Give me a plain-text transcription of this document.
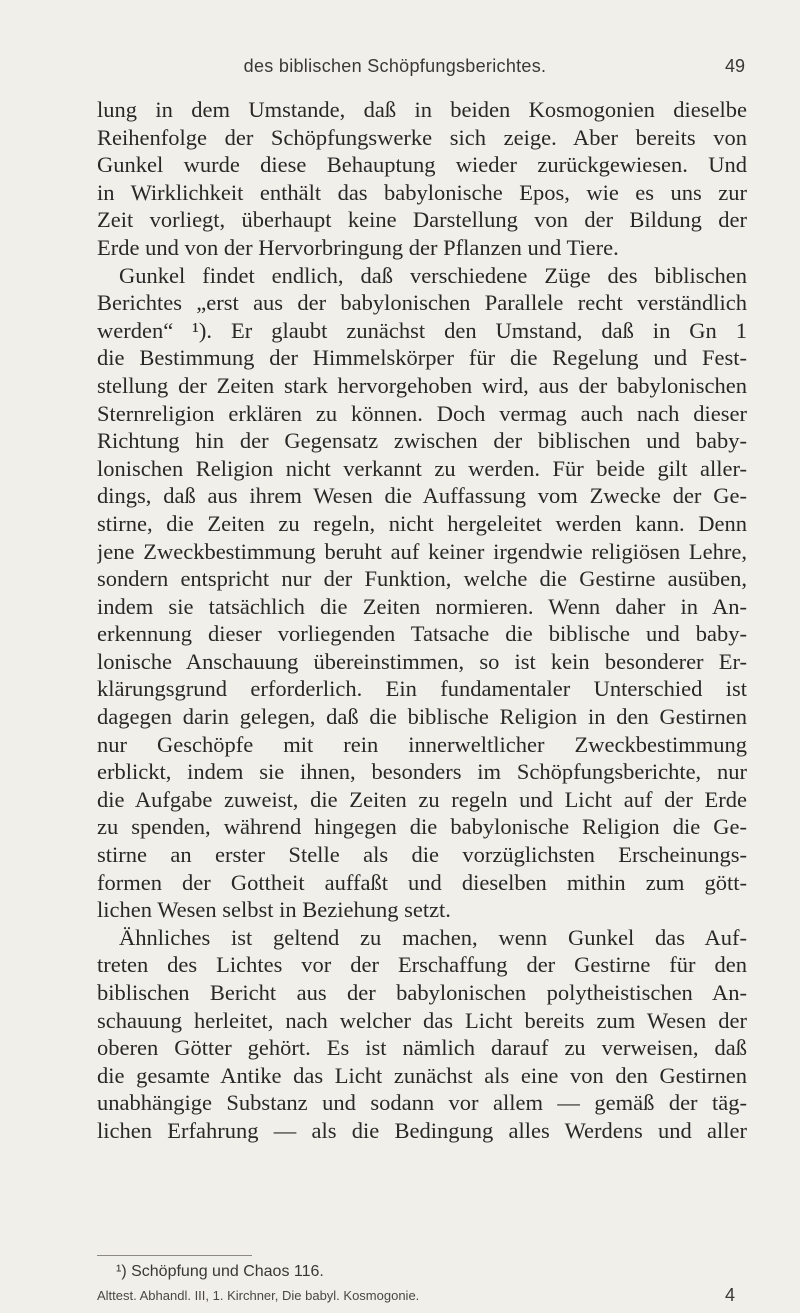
des biblischen Schöpfungsberichtes.	49
lung in dem Umstande, daß in beiden Kosmogonien dieselbe
Reihenfolge der Schöpfungswerke sich zeige. Aber bereits von
Gunkel wurde diese Behauptung wieder zurückgewiesen. Und
in Wirklichkeit enthält das babylonische Epos, wie es uns zur
Zeit vorliegt, überhaupt keine Darstellung von der Bildung der
Erde und von der Hervorbringung der Pflanzen und Tiere.
Gunkel findet endlich, daß verschiedene Züge des biblischen
Berichtes „erst aus der babylonischen Parallele recht verständlich
werden“ ¹). Er glaubt zunächst den Umstand, daß in Gn 1
die Bestimmung der Himmelskörper für die Regelung und Fest-
stellung der Zeiten stark hervorgehoben wird, aus der babylonischen
Sternreligion erklären zu können. Doch vermag auch nach dieser
Richtung hin der Gegensatz zwischen der biblischen und baby-
lonischen Religion nicht verkannt zu werden. Für beide gilt aller-
dings, daß aus ihrem Wesen die Auffassung vom Zwecke der Ge-
stirne, die Zeiten zu regeln, nicht hergeleitet werden kann. Denn
jene Zweckbestimmung beruht auf keiner irgendwie religiösen Lehre,
sondern entspricht nur der Funktion, welche die Gestirne ausüben,
indem sie tatsächlich die Zeiten normieren. Wenn daher in An-
erkennung dieser vorliegenden Tatsache die biblische und baby-
lonische Anschauung übereinstimmen, so ist kein besonderer Er-
klärungsgrund erforderlich. Ein fundamentaler Unterschied ist
dagegen darin gelegen, daß die biblische Religion in den Gestirnen
nur Geschöpfe mit rein innerweltlicher Zweckbestimmung
erblickt, indem sie ihnen, besonders im Schöpfungsberichte, nur
die Aufgabe zuweist, die Zeiten zu regeln und Licht auf der Erde
zu spenden, während hingegen die babylonische Religion die Ge-
stirne an erster Stelle als die vorzüglichsten Erscheinungs-
formen der Gottheit auffaßt und dieselben mithin zum gött-
lichen Wesen selbst in Beziehung setzt.
Ähnliches ist geltend zu machen, wenn Gunkel das Auf-
treten des Lichtes vor der Erschaffung der Gestirne für den
biblischen Bericht aus der babylonischen polytheistischen An-
schauung herleitet, nach welcher das Licht bereits zum Wesen der
oberen Götter gehört. Es ist nämlich darauf zu verweisen, daß
die gesamte Antike das Licht zunächst als eine von den Gestirnen
unabhängige Substanz und sodann vor allem — gemäß der täg-
lichen Erfahrung — als die Bedingung alles Werdens und aller
¹) Schöpfung und Chaos 116.
Alttest. Abhandl. III, 1. Kirchner, Die babyl. Kosmogonie.	4
